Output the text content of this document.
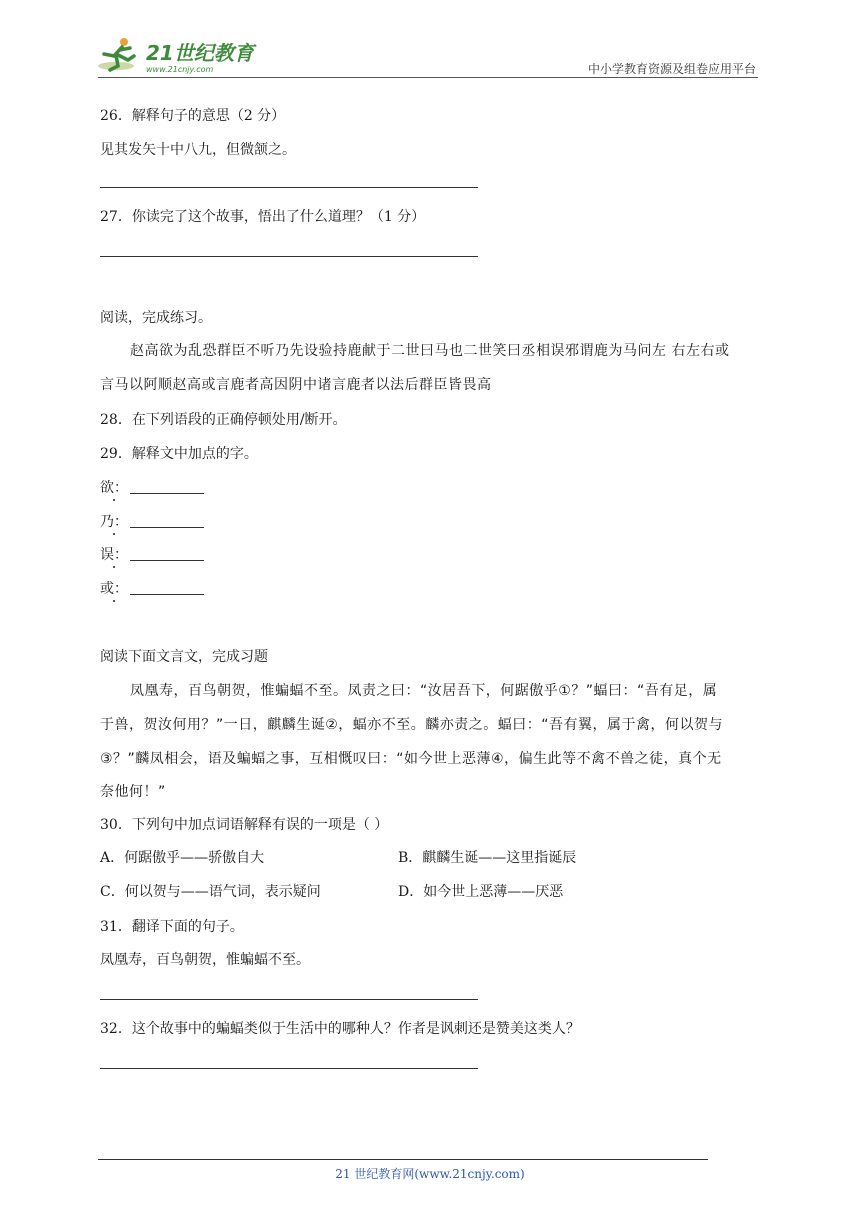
21世纪教育
www.21cnjy.com	中小学教育资源及组卷应用平台
26．解释句子的意思（2 分）
见其发矢十中八九，但微颔之。
27．你读完了这个故事，悟出了什么道理？（1 分）
阅读，完成练习。
赵高欲为乱恐群臣不听乃先设验持鹿献于二世曰马也二世笑曰丞相误邪谓鹿为马问左 右左右或
言马以阿顺赵高或言鹿者高因阴中诸言鹿者以法后群臣皆畏高
28．在下列语段的正确停顿处用/断开。
29．解释文中加点的字。
欲：
乃：
误：
或：
阅读下面文言文，完成习题
凤凰寿，百鸟朝贺，惟蝙蝠不至。凤责之曰：“汝居吾下，何踞傲乎①？”蝠曰：“吾有足，属
于兽，贺汝何用？”一日，麒麟生诞②，蝠亦不至。麟亦责之。蝠曰：“吾有翼，属于禽，何以贺与
③？”麟凤相会，语及蝙蝠之事，互相慨叹曰：“如今世上恶薄④，偏生此等不禽不兽之徒，真个无
奈他何！”
30．下列句中加点词语解释有误的一项是（ ）
A．何踞傲乎——骄傲自大	B．麒麟生诞——这里指诞辰
C．何以贺与——语气词，表示疑问	D．如今世上恶薄——厌恶
31．翻译下面的句子。
凤凰寿，百鸟朝贺，惟蝙蝠不至。
32．这个故事中的蝙蝠类似于生活中的哪种人？作者是讽刺还是赞美这类人？
21 世纪教育网(www.21cnjy.com)
